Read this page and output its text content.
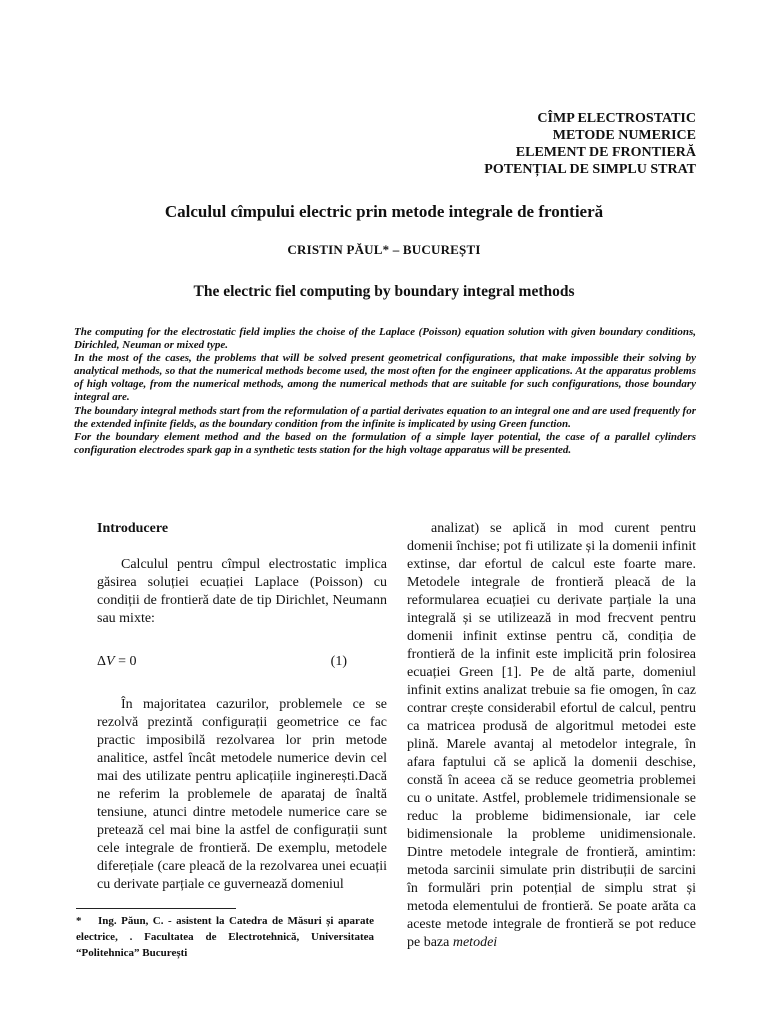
CÎMP ELECTROSTATIC
METODE NUMERICE
ELEMENT DE FRONTIERĂ
POTENȚIAL DE SIMPLU STRAT
Calculul cîmpului electric prin metode integrale de frontieră
CRISTIN PĂUL* – BUCUREȘTI
The electric fiel computing by boundary integral methods

The computing for the electrostatic field implies the choise of the Laplace (Poisson) equation solution with given boundary conditions, Dirichled, Neuman or mixed type.

In the most of the cases, the problems that will be solved present geometrical configurations, that make impossible their solving by analytical methods, so that the numerical methods become used, the most often for the engineer applications. At the apparatus problems of high voltage, from the numerical methods, among the numerical methods that are suitable for such configurations, those boundary integral are.

The boundary integral methods start from the reformulation of a partial derivates equation to an integral one and are used frequently for the extended infinite fields, as the boundary condition from the infinite is implicated by using Green function.

For the boundary element method and the based on the formulation of a simple layer potential, the case of a parallel cylinders configuration electrodes spark gap in a synthetic tests station for the high voltage apparatus will be presented.

Introducere

Calculul pentru cîmpul electrostatic implica găsirea soluției ecuației Laplace (Poisson) cu condiții de frontieră date de tip Dirichlet, Neumann sau mixte:

ΔV = 0	(1)

În majoritatea cazurilor, problemele ce se rezolvă prezintă configurații geometrice ce fac practic imposibilă rezolvarea lor prin metode analitice, astfel încât metodele numerice devin cel mai des utilizate pentru aplicațiile inginerești.Dacă ne referim la problemele de aparataj de înaltă tensiune, atunci dintre metodele numerice care se pretează cel mai bine la astfel de configurații sunt cele integrale de frontieră. De exemplu, metodele diferețiale (care pleacă de la rezolvarea unei ecuații cu derivate parțiale ce guvernează domeniul

analizat) se aplică in mod curent pentru domenii închise; pot fi utilizate și la domenii infinit extinse, dar efortul de calcul este foarte mare. Metodele integrale de frontieră pleacă de la reformularea ecuației cu derivate parțiale la una integrală și se utilizează in mod frecvent pentru domenii infinit extinse pentru că, condiția de frontieră de la infinit este implicită prin folosirea ecuației Green [1]. Pe de altă parte, domeniul infinit extins analizat trebuie sa fie omogen, în caz contrar crește considerabil efortul de calcul, pentru ca matricea produsă de algoritmul metodei este plină. Marele avantaj al metodelor integrale, în afara faptului că se aplică la domenii deschise, constă în aceea că se reduce geometria problemei cu o unitate. Astfel, problemele tridimensionale se reduc la probleme bidimensionale, iar cele bidimensionale la probleme unidimensionale. Dintre metodele integrale de frontieră, amintim: metoda sarcinii simulate prin distribuții de sarcini în formulări prin potențial de simplu strat și metoda elementului de frontieră. Se poate arăta ca aceste metode integrale de frontieră se pot reduce pe baza metodei

* Ing. Păun, C. - asistent la Catedra de Măsuri și aparate electrice, . Facultatea de Electrotehnică, Universitatea “Politehnica” București
